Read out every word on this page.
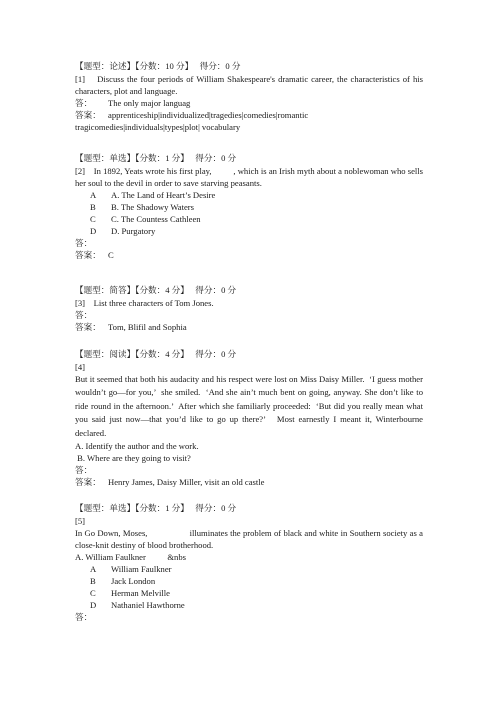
【题型：论述】【分数：10 分】   得分：0 分
[1]    Discuss the four periods of William Shakespeare's dramatic career, the characteristics of his characters, plot and language.
答：	The only major languag
答案： apprenticeship|individualized|tragedies|comedies|romantic
tragicomedies|individuals|types|plot| vocabulary
【题型：单选】【分数：1 分】   得分：0 分
[2]    In 1892, Yeats wrote his first play,          , which is an Irish myth about a noblewoman who sells her soul to the devil in order to save starving peasants.
A	A. The Land of Heart’s Desire
B	B. The Shadowy Waters
C	C. The Countess Cathleen
D	D. Purgatory
答：
答案： C
【题型：简答】【分数：4 分】   得分：0 分
[3]    List three characters of Tom Jones.
答：
答案： Tom, Blifil and Sophia
【题型：阅读】【分数：4 分】   得分：0 分
[4]
But it seemed that both his audacity and his respect were lost on Miss Daisy Miller.  ‘I guess mother wouldn’t go—for you,’  she smiled.  ‘And she ain’t much bent on going, anyway. She don’t like to ride round in the afternoon.’  After which she familiarly proceeded:  ‘But did you really mean what you said just now—that you’d like to go up there?’   Most earnestly I meant it, Winterbourne declared.
A. Identify the author and the work.
B. Where are they going to visit?
答：
答案： Henry James, Daisy Miller, visit an old castle
【题型：单选】【分数：1 分】   得分：0 分
[5]
In Go Down, Moses,                  illuminates the problem of black and white in Southern society as a close-knit destiny of blood brotherhood.
A. William Faulkner          &nbs
A	William Faulkner
B	Jack London
C	Herman Melville
D	Nathaniel Hawthorne
答：
